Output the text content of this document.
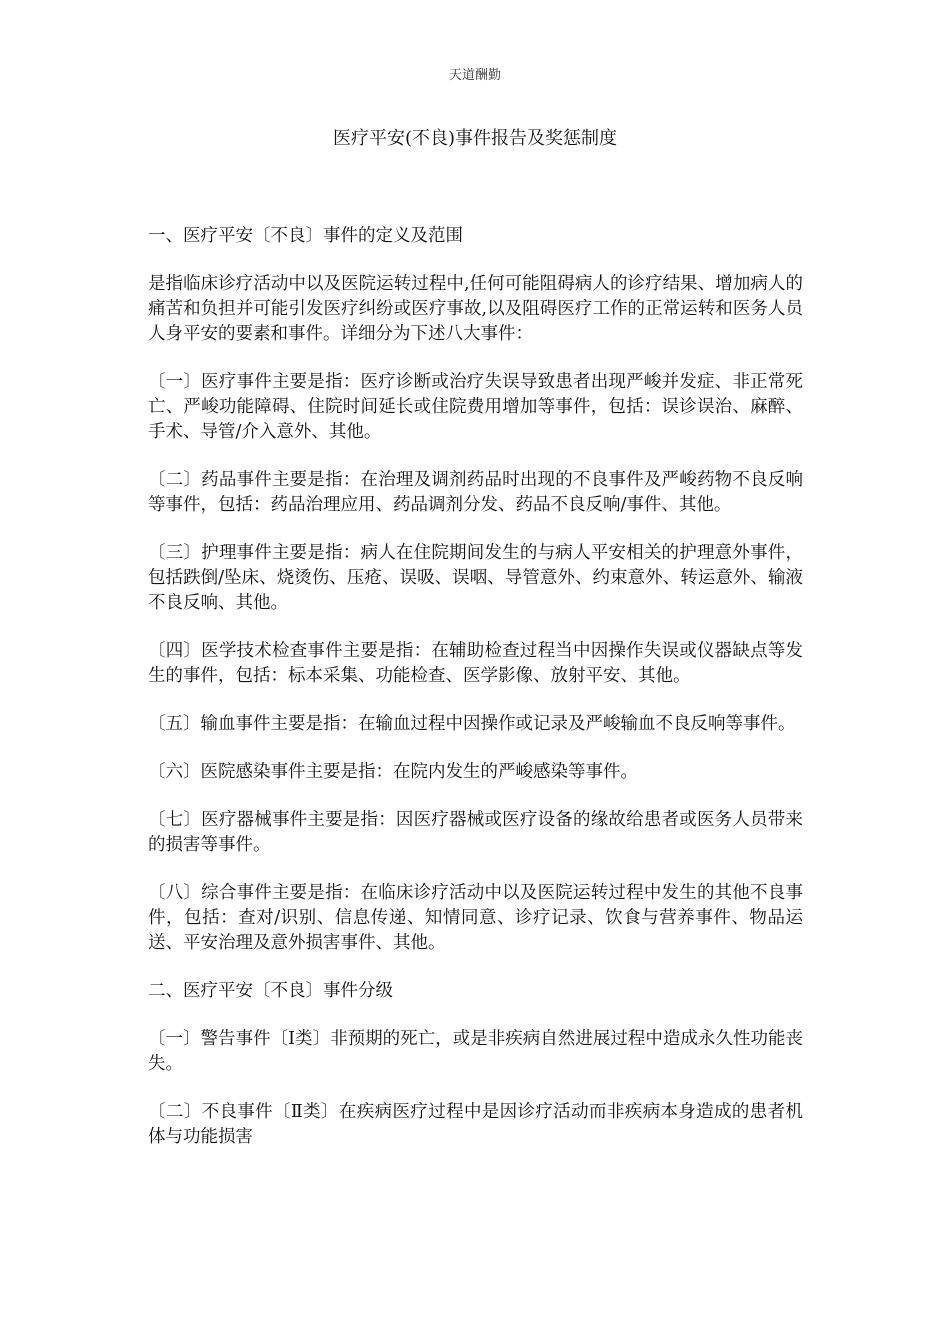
天道酬勤
医疗平安(不良)事件报告及奖惩制度

一、医疗平安〔不良〕事件的定义及范围

是指临床诊疗活动中以及医院运转过程中,任何可能阻碍病人的诊疗结果、增加病人的痛苦和负担并可能引发医疗纠纷或医疗事故,以及阻碍医疗工作的正常运转和医务人员人身平安的要素和事件。详细分为下述八大事件：

〔一〕医疗事件主要是指：医疗诊断或治疗失误导致患者出现严峻并发症、非正常死亡、严峻功能障碍、住院时间延长或住院费用增加等事件，包括：误诊误治、麻醉、手术、导管/介入意外、其他。

〔二〕药品事件主要是指：在治理及调剂药品时出现的不良事件及严峻药物不良反响等事件，包括：药品治理应用、药品调剂分发、药品不良反响/事件、其他。

〔三〕护理事件主要是指：病人在住院期间发生的与病人平安相关的护理意外事件，包括跌倒/坠床、烧烫伤、压疮、误吸、误咽、导管意外、约束意外、转运意外、输液不良反响、其他。

〔四〕医学技术检查事件主要是指：在辅助检查过程当中因操作失误或仪器缺点等发生的事件，包括：标本采集、功能检查、医学影像、放射平安、其他。

〔五〕输血事件主要是指：在输血过程中因操作或记录及严峻输血不良反响等事件。

〔六〕医院感染事件主要是指：在院内发生的严峻感染等事件。

〔七〕医疗器械事件主要是指：因医疗器械或医疗设备的缘故给患者或医务人员带来的损害等事件。

〔八〕综合事件主要是指：在临床诊疗活动中以及医院运转过程中发生的其他不良事件，包括：查对/识别、信息传递、知情同意、诊疗记录、饮食与营养事件、物品运送、平安治理及意外损害事件、其他。

二、医疗平安〔不良〕事件分级

〔一〕警告事件〔Ⅰ类〕非预期的死亡，或是非疾病自然进展过程中造成永久性功能丧失。

〔二〕不良事件〔Ⅱ类〕在疾病医疗过程中是因诊疗活动而非疾病本身造成的患者机体与功能损害
